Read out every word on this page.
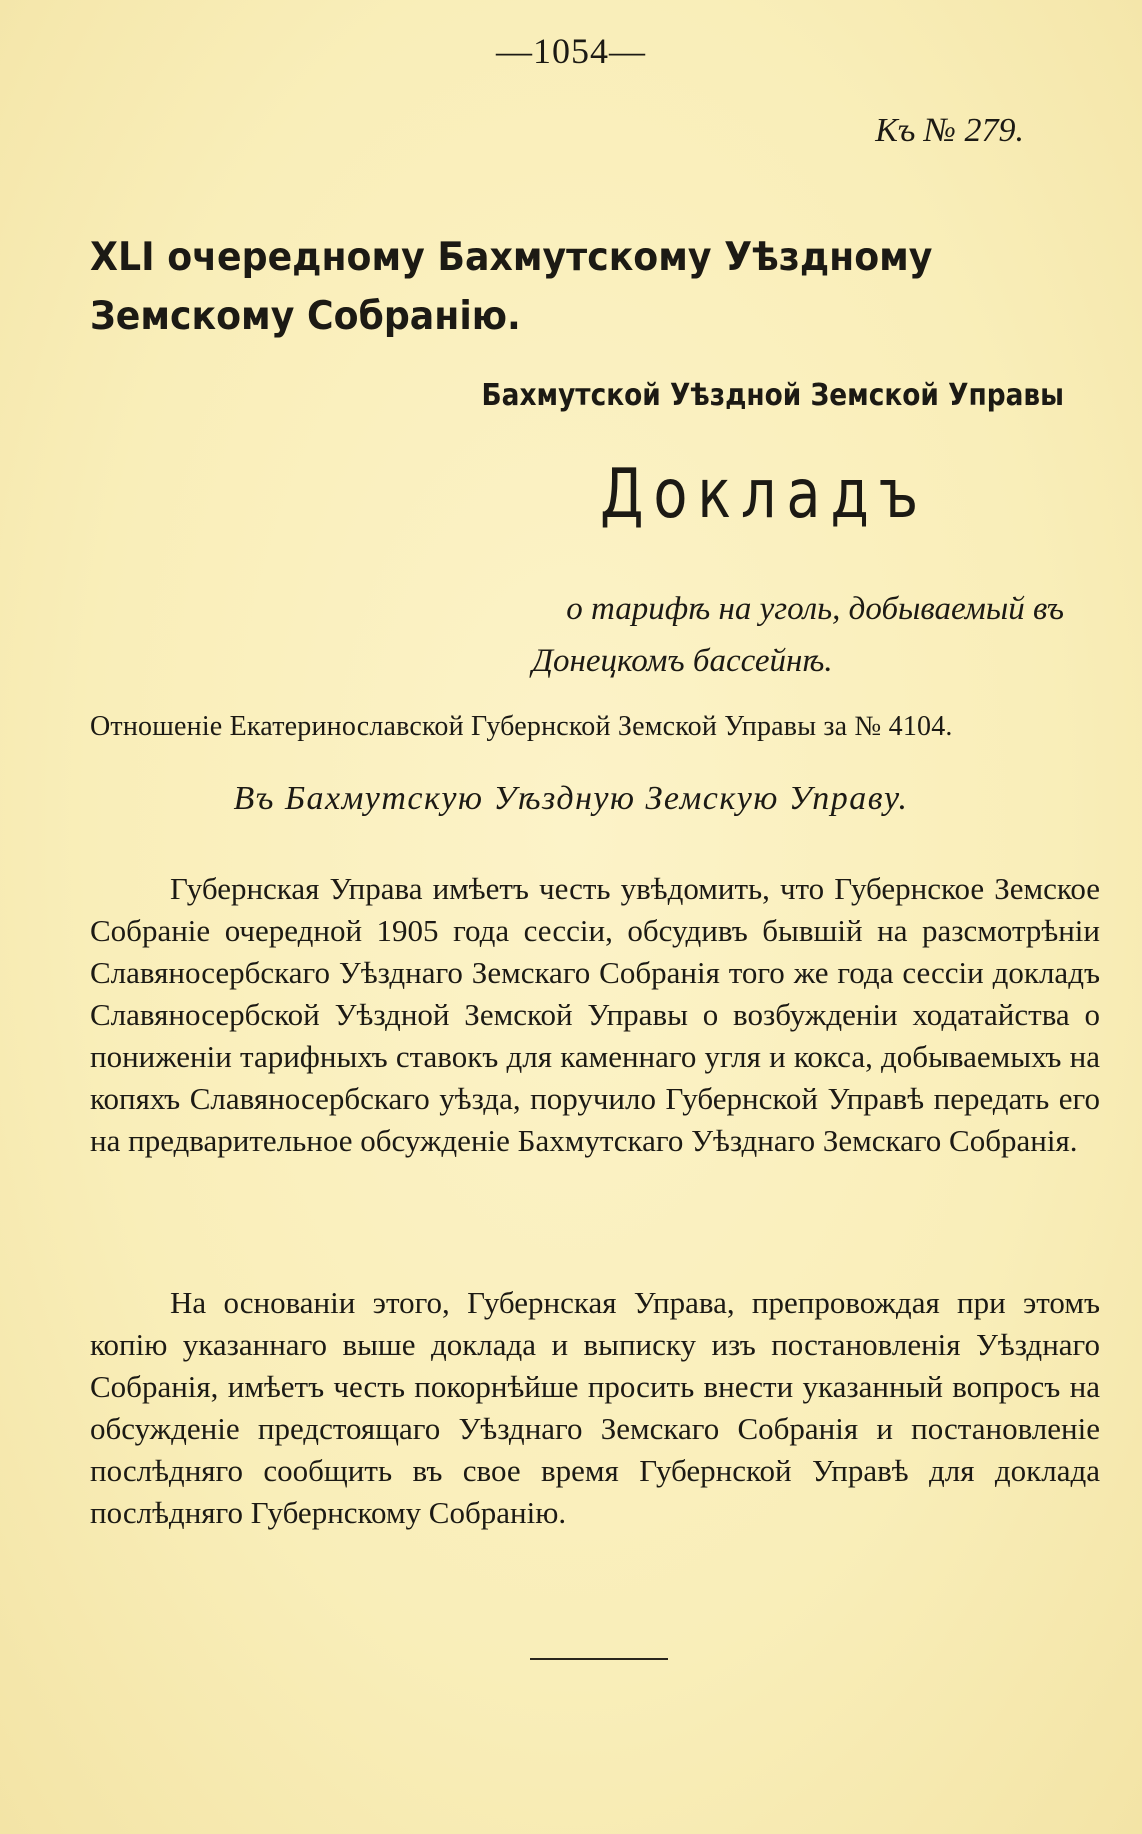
—1054—
Къ № 279.
XLI очередному Бахмутскому Уѣздному Земскому Собранію.
Бахмутской Уѣздной Земской Управы
Докладъ
о тарифѣ на уголь, добываемый въ
Донецкомъ бассейнѣ.
Отношеніе Екатеринославской Губернской Земской Управы за № 4104.
Въ Бахмутскую Уѣздную Земскую Управу.

Губернская Управа имѣетъ честь увѣдомить, что Губернское Земское Собраніе очередной 1905 года сессіи, обсудивъ бывшій на разсмотрѣніи Славяносербскаго Уѣзднаго Земскаго Собранія того же года сессіи докладъ Славяносербской Уѣздной Земской Управы о возбужденіи ходатайства о пониженіи тарифныхъ ставокъ для каменнаго угля и кокса, добываемыхъ на копяхъ Славяносербскаго уѣзда, поручило Губернской Управѣ передать его на предварительное обсужденіе Бахмутскаго Уѣзднаго Земскаго Собранія.

На основаніи этого, Губернская Управа, препровождая при этомъ копію указаннаго выше доклада и выписку изъ постановленія Уѣзднаго Собранія, имѣетъ честь покорнѣйше просить внести указанный вопросъ на обсужденіе предстоящаго Уѣзднаго Земскаго Собранія и постановленіе послѣдняго сообщить въ свое время Губернской Управѣ для доклада послѣдняго Губернскому Собранію.
